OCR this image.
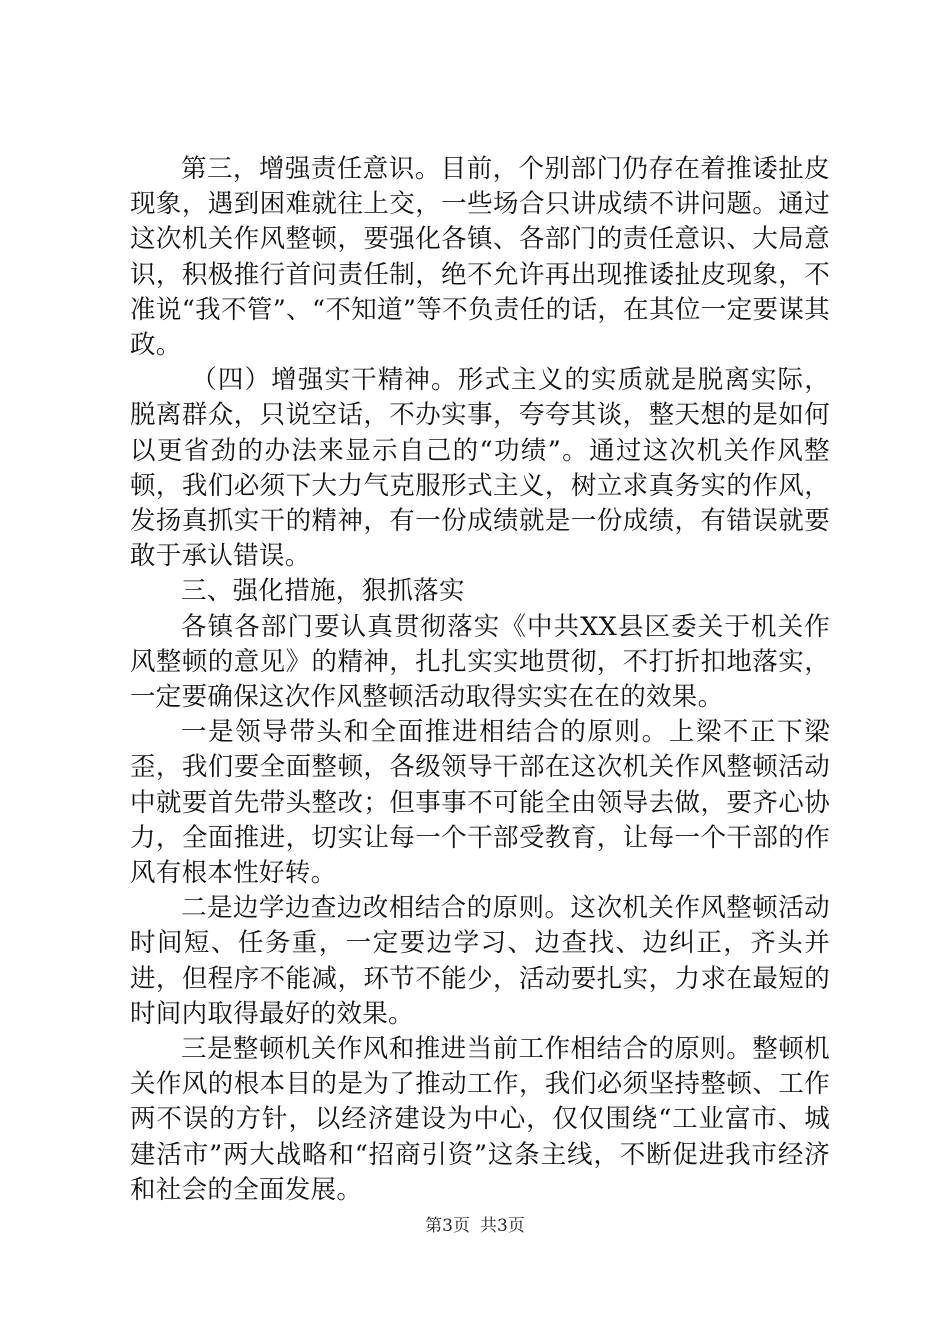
第三，增强责任意识。目前，个别部门仍存在着推诿扯皮现象，遇到困难就往上交，一些场合只讲成绩不讲问题。通过这次机关作风整顿，要强化各镇、各部门的责任意识、大局意识，积极推行首问责任制，绝不允许再出现推诿扯皮现象，不准说“我不管”、“不知道”等不负责任的话，在其位一定要谋其政。

（四）增强实干精神。形式主义的实质就是脱离实际，脱离群众，只说空话，不办实事，夸夸其谈，整天想的是如何以更省劲的办法来显示自己的“功绩”。通过这次机关作风整顿，我们必须下大力气克服形式主义，树立求真务实的作风，发扬真抓实干的精神，有一份成绩就是一份成绩，有错误就要敢于承认错误。

三、强化措施，狠抓落实

各镇各部门要认真贯彻落实《中共XX县区委关于机关作风整顿的意见》的精神，扎扎实实地贯彻，不打折扣地落实，一定要确保这次作风整顿活动取得实实在在的效果。

一是领导带头和全面推进相结合的原则。上梁不正下梁歪，我们要全面整顿，各级领导干部在这次机关作风整顿活动中就要首先带头整改；但事事不可能全由领导去做，要齐心协力，全面推进，切实让每一个干部受教育，让每一个干部的作风有根本性好转。

二是边学边查边改相结合的原则。这次机关作风整顿活动时间短、任务重，一定要边学习、边查找、边纠正，齐头并进，但程序不能减，环节不能少，活动要扎实，力求在最短的时间内取得最好的效果。

三是整顿机关作风和推进当前工作相结合的原则。整顿机关作风的根本目的是为了推动工作，我们必须坚持整顿、工作两不误的方针，以经济建设为中心，仅仅围绕“工业富市、城建活市”两大战略和“招商引资”这条主线，不断促进我市经济和社会的全面发展。

第3页 共3页
